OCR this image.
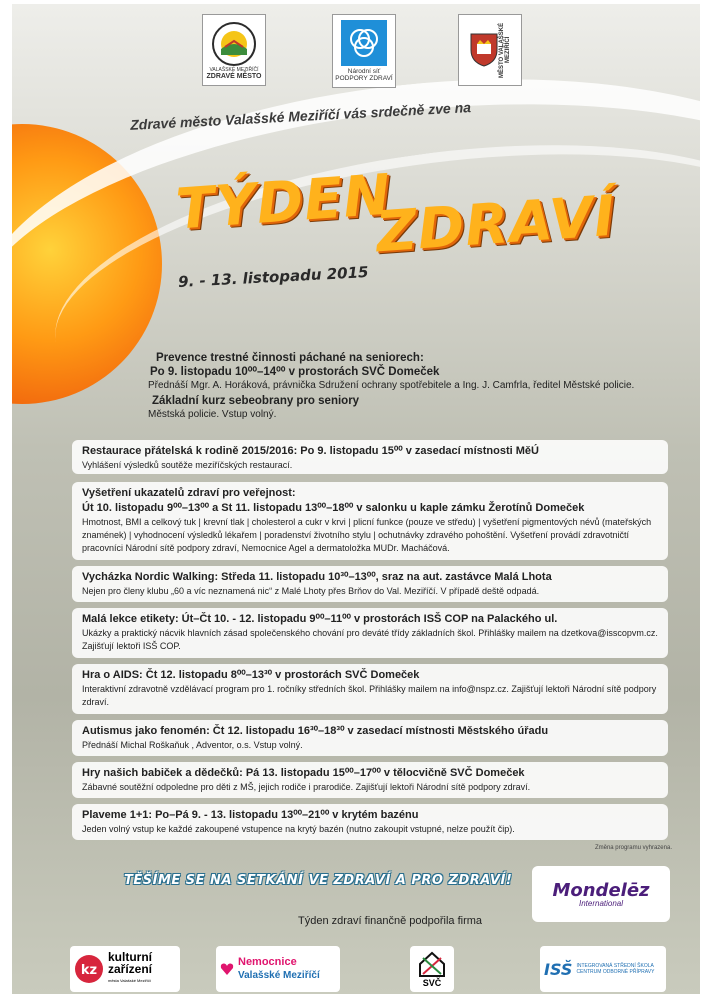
VALAŠSKÉ MEZIŘÍČÍ
ZDRAVÉ MĚSTO
Národní síť PODPORY ZDRAVÍ
MĚSTO VALAŠSKÉ MEZIŘÍČÍ
Zdravé město Valašské Meziříčí vás srdečně zve na
TÝDEN
ZDRAVÍ
9. - 13. listopadu 2015
Prevence trestné činnosti páchané na seniorech:
Po 9. listopadu 10⁰⁰–14⁰⁰ v prostorách SVČ Domeček
Přednáší Mgr. A. Horáková, právnička Sdružení ochrany spotřebitele a Ing. J. Camfrla, ředitel Městské policie.
Základní kurz sebeobrany pro seniory
Městská policie. Vstup volný.
Restaurace přátelská k rodině 2015/2016: Po 9. listopadu 15⁰⁰ v zasedací místnosti MěÚ
Vyhlášení výsledků soutěže meziříčských restaurací.
Vyšetření ukazatelů zdraví pro veřejnost:
Út 10. listopadu 9⁰⁰–13⁰⁰ a St 11. listopadu 13⁰⁰–18⁰⁰ v salonku u kaple zámku Žerotínů Domeček
Hmotnost, BMI a celkový tuk | krevní tlak | cholesterol a cukr v krvi | plicní funkce (pouze ve středu) | vyšetření pigmentových névů (mateřských znamének) | vyhodnocení výsledků lékařem | poradenství životního stylu | ochutnávky zdravého pohoštění. Vyšetření provádí zdravotničtí pracovníci Národní sítě podpory zdraví, Nemocnice Agel a dermatoložka MUDr. Macháčová.
Vycházka Nordic Walking: Středa 11. listopadu 10³⁰–13⁰⁰, sraz na aut. zastávce Malá Lhota
Nejen pro členy klubu „60 a víc neznamená nic“ z Malé Lhoty přes Brňov do Val. Meziříčí. V případě deště odpadá.
Malá lekce etikety: Út–Čt 10. - 12. listopadu 9⁰⁰–11⁰⁰ v prostorách ISŠ COP na Palackého ul.
Ukázky a praktický nácvik hlavních zásad společenského chování pro deváté třídy základních škol. Přihlášky mailem na dzetkova@isscopvm.cz. Zajišťují lektoři ISŠ COP.
Hra o AIDS: Čt 12. listopadu 8⁰⁰–13³⁰ v prostorách SVČ Domeček
Interaktivní zdravotně vzdělávací program pro 1. ročníky středních škol. Přihlášky mailem na info@nspz.cz. Zajišťují lektoři Národní sítě podpory zdraví.
Autismus jako fenomén: Čt 12. listopadu 16³⁰–18³⁰ v zasedací místnosti Městského úřadu
Přednáší Michal Roškaňuk , Adventor, o.s. Vstup volný.
Hry našich babiček a dědečků: Pá 13. listopadu 15⁰⁰–17⁰⁰ v tělocvičně SVČ Domeček
Zábavné soutěžní odpoledne pro děti z MŠ, jejich rodiče i prarodiče. Zajišťují lektoři Národní sítě podpory zdraví.
Plaveme 1+1: Po–Pá 9. - 13. listopadu 13⁰⁰–21⁰⁰ v krytém bazénu
Jeden volný vstup ke každé zakoupené vstupence na krytý bazén (nutno zakoupit vstupné, nelze použít čip).
Změna programu vyhrazena.
TĚŠÍME SE NA SETKÁNÍ VE ZDRAVÍ A PRO ZDRAVÍ!
Týden zdraví finančně podpořila firma
Mondelēz
International
kz
kulturní
zařízení
města Valašské Meziříčí
Nemocnice
Valašské Meziříčí
SVČ
ISŠ INTEGROVANÁ STŘEDNÍ ŠKOLA CENTRUM ODBORNÉ PŘÍPRAVY
